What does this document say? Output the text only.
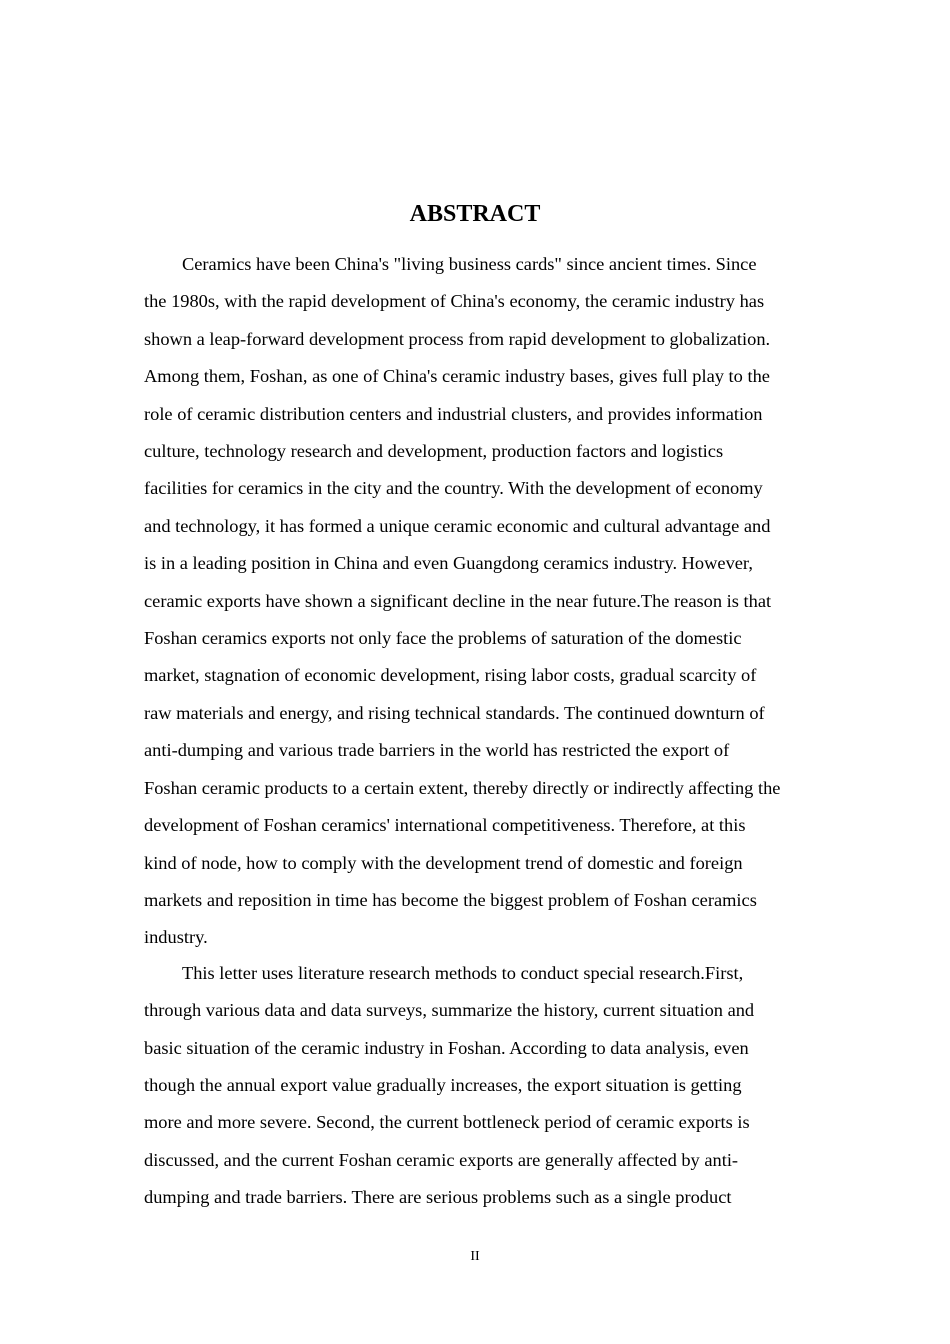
ABSTRACT

Ceramics have been China's "living business cards" since ancient times. Since
the 1980s, with the rapid development of China's economy, the ceramic industry has
shown a leap-forward development process from rapid development to globalization.
Among them, Foshan, as one of China's ceramic industry bases, gives full play to the
role of ceramic distribution centers and industrial clusters, and provides information
culture, technology research and development, production factors and logistics
facilities for ceramics in the city and the country. With the development of economy
and technology, it has formed a unique ceramic economic and cultural advantage and
is in a leading position in China and even Guangdong ceramics industry. However,
ceramic exports have shown a significant decline in the near future.The reason is that
Foshan ceramics exports not only face the problems of saturation of the domestic
market, stagnation of economic development, rising labor costs, gradual scarcity of
raw materials and energy, and rising technical standards. The continued downturn of
anti-dumping and various trade barriers in the world has restricted the export of
Foshan ceramic products to a certain extent, thereby directly or indirectly affecting the
development of Foshan ceramics' international competitiveness. Therefore, at this
kind of node, how to comply with the development trend of domestic and foreign
markets and reposition in time has become the biggest problem of Foshan ceramics
industry.

This letter uses literature research methods to conduct special research.First,
through various data and data surveys, summarize the history, current situation and
basic situation of the ceramic industry in Foshan. According to data analysis, even
though the annual export value gradually increases, the export situation is getting
more and more severe. Second, the current bottleneck period of ceramic exports is
discussed, and the current Foshan ceramic exports are generally affected by anti-
dumping and trade barriers. There are serious problems such as a single product

II
